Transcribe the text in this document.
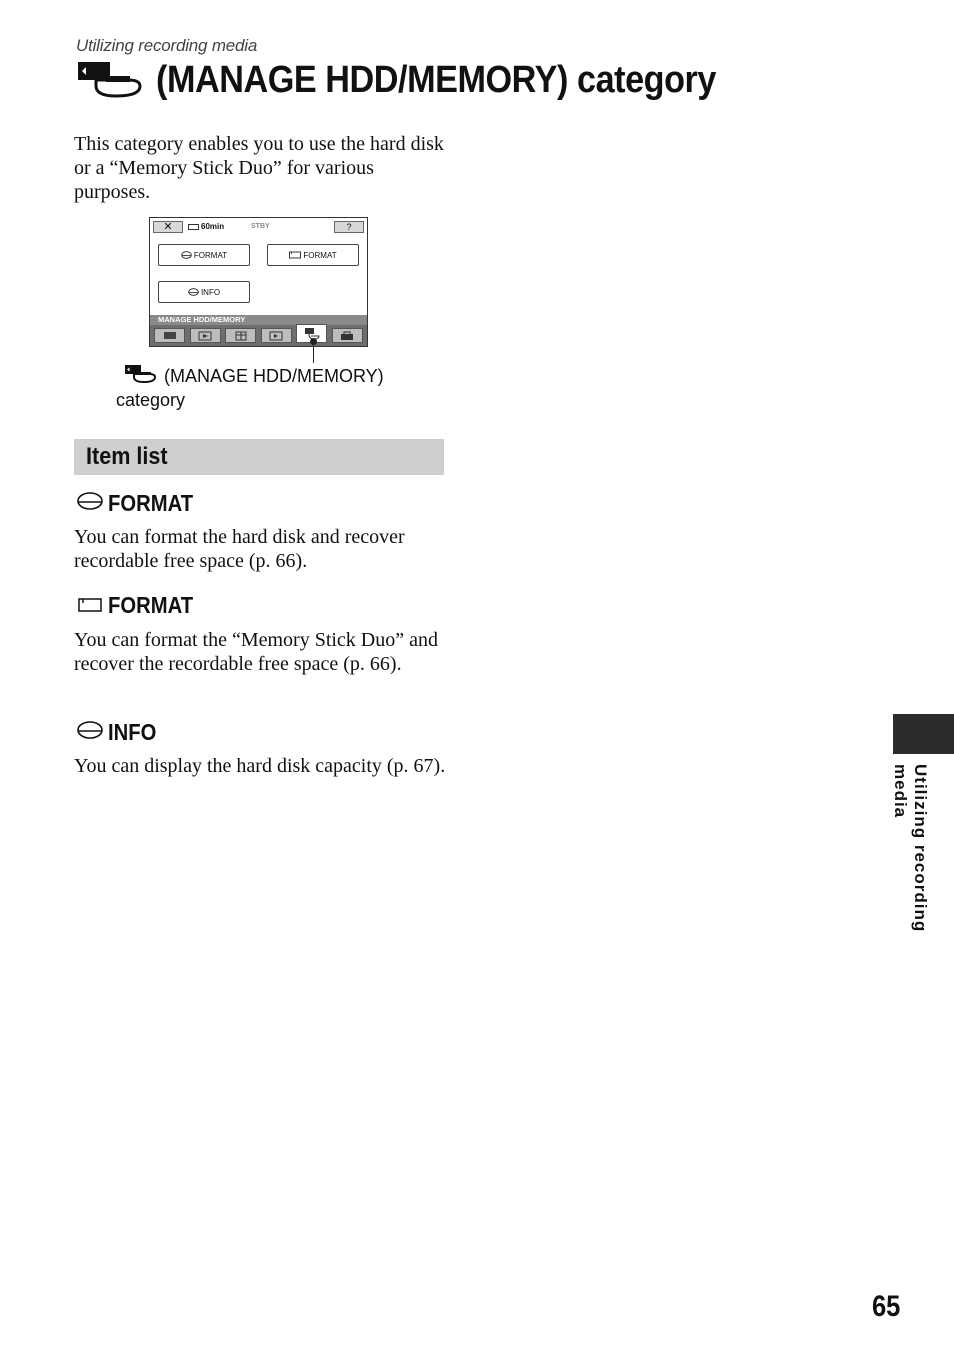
Utilizing recording media
(MANAGE HDD/MEMORY) category
This category enables you to use the hard disk or a “Memory Stick Duo” for various purposes.
✕	60min	STBY	?
FORMAT	FORMAT
INFO
MANAGE HDD/MEMORY
(MANAGE HDD/MEMORY)
category
Item list
FORMAT
You can format the hard disk and recover recordable free space (p. 66).
FORMAT
You can format the “Memory Stick Duo” and recover the recordable free space (p. 66).
INFO
You can display the hard disk capacity (p. 67).	Utilizing recording media
65
